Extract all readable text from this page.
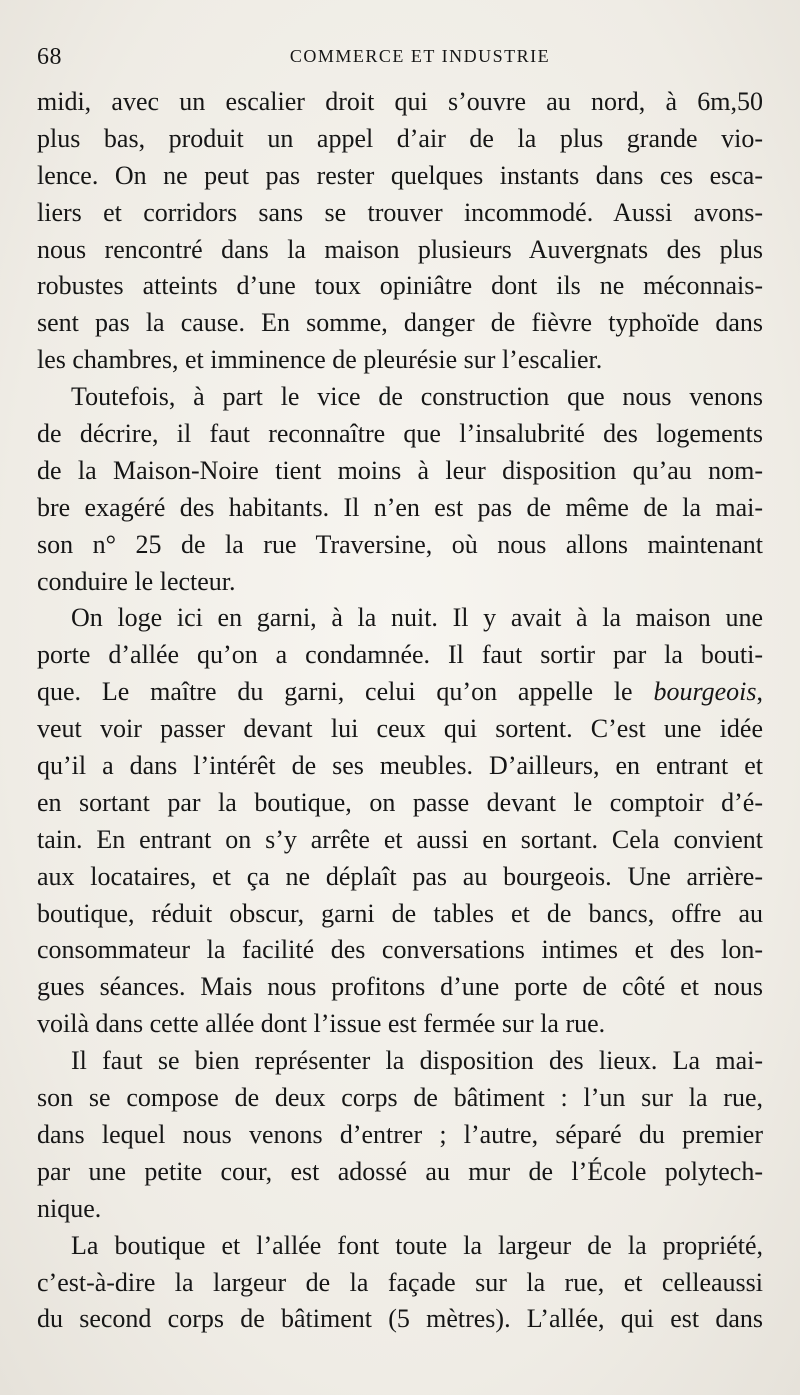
68	COMMERCE ET INDUSTRIE
midi, avec un escalier droit qui s’ouvre au nord, à 6m,50
plus bas, produit un appel d’air de la plus grande vio-
lence. On ne peut pas rester quelques instants dans ces esca-
liers et corridors sans se trouver incommodé. Aussi avons-
nous rencontré dans la maison plusieurs Auvergnats des plus
robustes atteints d’une toux opiniâtre dont ils ne méconnais-
sent pas la cause. En somme, danger de fièvre typhoïde dans
les chambres, et imminence de pleurésie sur l’escalier.
Toutefois, à part le vice de construction que nous venons
de décrire, il faut reconnaître que l’insalubrité des logements
de la Maison-Noire tient moins à leur disposition qu’au nom-
bre exagéré des habitants. Il n’en est pas de même de la mai-
son n° 25 de la rue Traversine, où nous allons maintenant
conduire le lecteur.
On loge ici en garni, à la nuit. Il y avait à la maison une
porte d’allée qu’on a condamnée. Il faut sortir par la bouti-
que. Le maître du garni, celui qu’on appelle le bourgeois,
veut voir passer devant lui ceux qui sortent. C’est une idée
qu’il a dans l’intérêt de ses meubles. D’ailleurs, en entrant et
en sortant par la boutique, on passe devant le comptoir d’é-
tain. En entrant on s’y arrête et aussi en sortant. Cela convient
aux locataires, et ça ne déplaît pas au bourgeois. Une arrière-
boutique, réduit obscur, garni de tables et de bancs, offre au
consommateur la facilité des conversations intimes et des lon-
gues séances. Mais nous profitons d’une porte de côté et nous
voilà dans cette allée dont l’issue est fermée sur la rue.
Il faut se bien représenter la disposition des lieux. La mai-
son se compose de deux corps de bâtiment : l’un sur la rue,
dans lequel nous venons d’entrer ; l’autre, séparé du premier
par une petite cour, est adossé au mur de l’École polytech-
nique.
La boutique et l’allée font toute la largeur de la propriété,
c’est-à-dire la largeur de la façade sur la rue, et celleaussi
du second corps de bâtiment (5 mètres). L’allée, qui est dans
